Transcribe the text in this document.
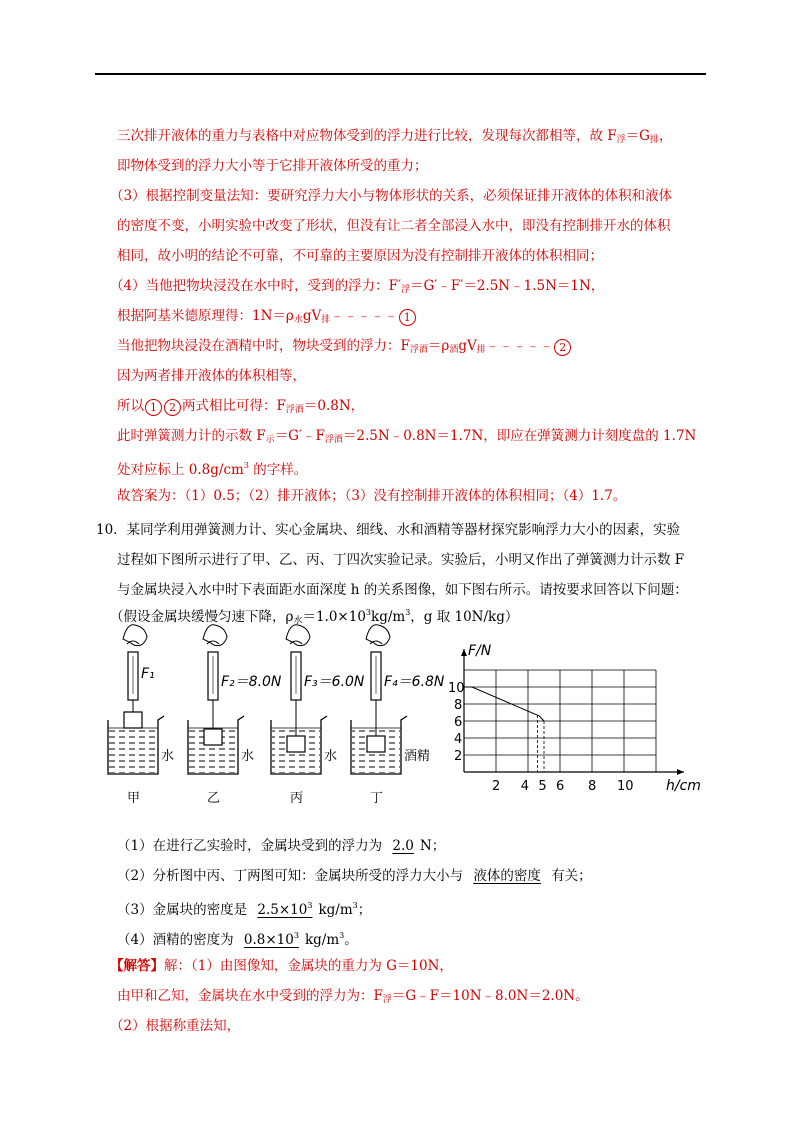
三次排开液体的重力与表格中对应物体受到的浮力进行比较，发现每次都相等，故 $F_浮=G_排$，
即物体受到的浮力大小等于它排开液体所受的重力；
（3）根据控制变量法知：要研究浮力大小与物体形状的关系，必须保证排开液体的体积和液体
的密度不变，小明实验中改变了形状，但没有让二者全部浸入水中，即没有控制排开水的体积
相同，故小明的结论不可靠，不可靠的主要原因为没有控制排开液体的体积相同；
（4）当他把物块浸没在水中时，受到的浮力：$F'_浮=G'﹣F'=2.5N﹣1.5N=1N$，
根据阿基米德原理得：$1N=\rho_水gV_排﹣﹣﹣﹣﹣$ 1
当他把物块浸没在酒精中时，物块受到的浮力：$F_{浮酒}=\rho_酒gV_排﹣﹣﹣﹣﹣$ 2
因为两者排开液体的体积相等，
所以 1 2 两式相比可得：$F_{浮酒}=0.8N$，
此时弹簧测力计的示数 $F_示=G'﹣F_{浮酒}=2.5N﹣0.8N=1.7N$，即应在弹簧测力计刻度盘的 1.7N
处对应标上 $0.8g/cm^3$ 的字样。
故答案为：（1）0.5；（2）排开液体；（3）没有控制排开液体的体积相同；（4）1.7。
10．某同学利用弹簧测力计、实心金属块、细线、水和酒精等器材探究影响浮力大小的因素，实验
过程如下图所示进行了甲、乙、丙、丁四次实验记录。实验后，小明又作出了弹簧测力计示数 F
与金属块浸入水中时下表面距水面深度 h 的关系图像，如下图右所示。请按要求回答以下问题：
（假设金属块缓慢匀速下降，$\rho_水=1.0\times 10^3kg/m^3$，g 取 10N/kg）
F₁
水
甲
F₂＝8.0N
水
乙
F₃＝6.0N
水
丙
F₄＝6.8N
酒精
丁
F/N
h/cm
2
4
6
8
10
2 4 5 6 8 10
（1）在进行乙实验时，金属块受到的浮力为 2.0 N；
（2）分析图中丙、丁两图可知：金属块所受的浮力大小与 液体的密度 有关；
（3）金属块的密度是 $2.5\times 10^3$ $kg/m^3$；
（4）酒精的密度为 $0.8\times 10^3$ $kg/m^3$。
【解答】解：（1）由图像知，金属块的重力为 G＝10N，
由甲和乙知，金属块在水中受到的浮力为：$F_浮=G﹣F=10N﹣8.0N=2.0N$。
（2）根据称重法知，
